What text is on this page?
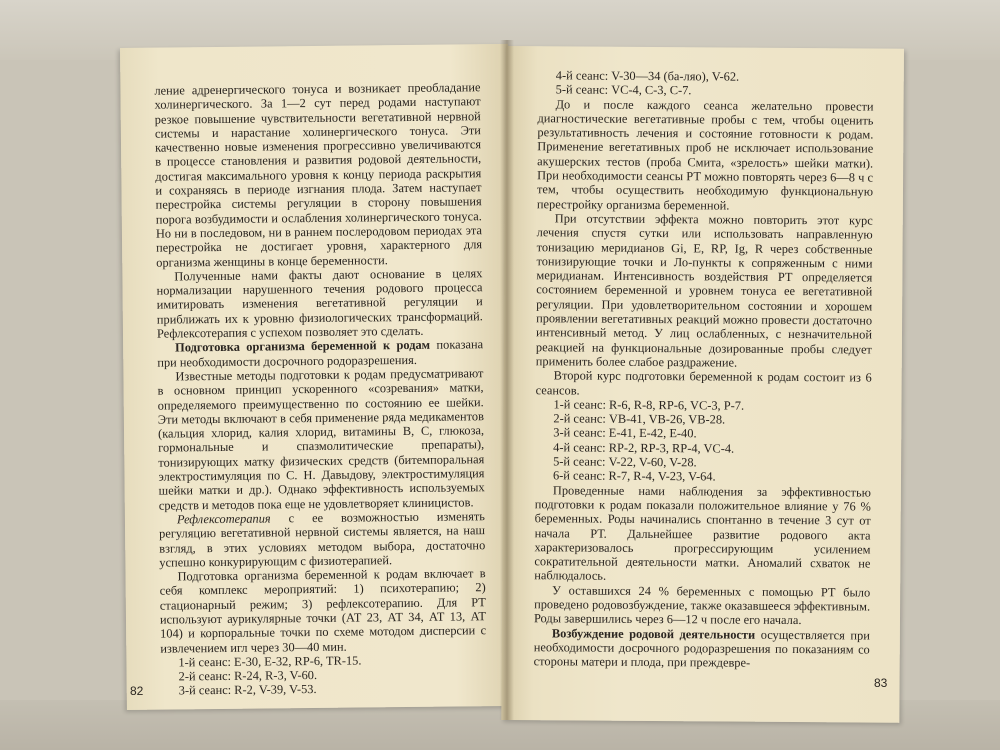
ление адренергического тонуса и возникает преобладание холинергического. За 1—2 сут перед родами наступают резкое повышение чувствительности вегетативной нервной системы и нарастание холинергического тонуса. Эти качественно новые изменения прогрессивно увеличиваются в процессе становления и развития родовой деятельности, достигая максимального уровня к концу периода раскрытия и сохраняясь в периоде изгнания плода. Затем наступает перестройка системы регуляции в сторону повышения порога возбудимости и ослабления холинергического тонуса. Но ни в последовом, ни в раннем послеродовом периодах эта перестройка не достигает уровня, характерного для организма женщины в конце беременности.

Полученные нами факты дают основание в целях нормализации нарушенного течения родового процесса имитировать изменения вегетативной регуляции и приближать их к уровню физиологических трансформаций. Рефлексотерапия с успехом позволяет это сделать.

Подготовка организма беременной к родам показана при необходимости досрочного родоразрешения.

Известные методы подготовки к родам предусматривают в основном принцип ускоренного «созревания» матки, определяемого преимущественно по состоянию ее шейки. Эти методы включают в себя применение ряда медикаментов (кальция хлорид, калия хлорид, витамины В, С, глюкоза, гормональные и спазмолитические препараты), тонизирующих матку физических средств (битемпоральная электростимуляция по С. Н. Давыдову, электростимуляция шейки матки и др.). Однако эффективность используемых средств и методов пока еще не удовлетворяет клиницистов.

Рефлексотерапия с ее возможностью изменять регуляцию вегетативной нервной системы является, на наш взгляд, в этих условиях методом выбора, достаточно успешно конкурирующим с физиотерапией.

Подготовка организма беременной к родам включает в себя комплекс мероприятий: 1) психотерапию; 2) стационарный режим; 3) рефлексотерапию. Для РТ используют аурикулярные точки (АТ 23, АТ 34, АТ 13, АТ 104) и корпоральные точки по схеме мотодом дисперсии с извлечением игл через 30—40 мин.

1-й сеанс: Е-30, Е-32, RP-6, TR-15.

2-й сеанс: R-24, R-3, V-60.

3-й сеанс: R-2, V-39, V-53.

4-й сеанс: V-30—34 (ба-ляо), V-62.

5-й сеанс: VC-4, С-3, С-7.

До и после каждого сеанса желательно провести диагностические вегетативные пробы с тем, чтобы оценить результативность лечения и состояние готовности к родам. Применение вегетативных проб не исключает использование акушерских тестов (проба Смита, «зрелость» шейки матки). При необходимости сеансы РТ можно повторять через 6—8 ч с тем, чтобы осуществить необходимую функциональную перестройку организма беременной.

При отсутствии эффекта можно повторить этот курс лечения спустя сутки или использовать направленную тонизацию меридианов Gi, Е, RP, Ig, R через собственные тонизирующие точки и Ло-пункты к сопряженным с ними меридианам. Интенсивность воздействия РТ определяется состоянием беременной и уровнем тонуса ее вегетативной регуляции. При удовлетворительном состоянии и хорошем проявлении вегетативных реакций можно провести достаточно интенсивный метод. У лиц ослабленных, с незначительной реакцией на функциональные дозированные пробы следует применить более слабое раздражение.

Второй курс подготовки беременной к родам состоит из 6 сеансов.

1-й сеанс: R-6, R-8, RP-6, VC-3, P-7.

2-й сеанс: VB-41, VB-26, VB-28.

3-й сеанс: Е-41, Е-42, Е-40.

4-й сеанс: RP-2, RP-3, RP-4, VC-4.

5-й сеанс: V-22, V-60, V-28.

6-й сеанс: R-7, R-4, V-23, V-64.

Проведенные нами наблюдения за эффективностью подготовки к родам показали положительное влияние у 76 % беременных. Роды начинались спонтанно в течение 3 сут от начала РТ. Дальнейшее развитие родового акта характеризовалось прогрессирующим усилением сократительной деятельности матки. Аномалий схваток не наблюдалось.

У оставшихся 24 % беременных с помощью РТ было проведено родовозбуждение, также оказавшееся эффективным. Роды завершились через 6—12 ч после его начала.

Возбуждение родовой деятельности осуществляется при необходимости досрочного родоразрешения по показаниям со стороны матери и плода, при преждевре-

82
83
